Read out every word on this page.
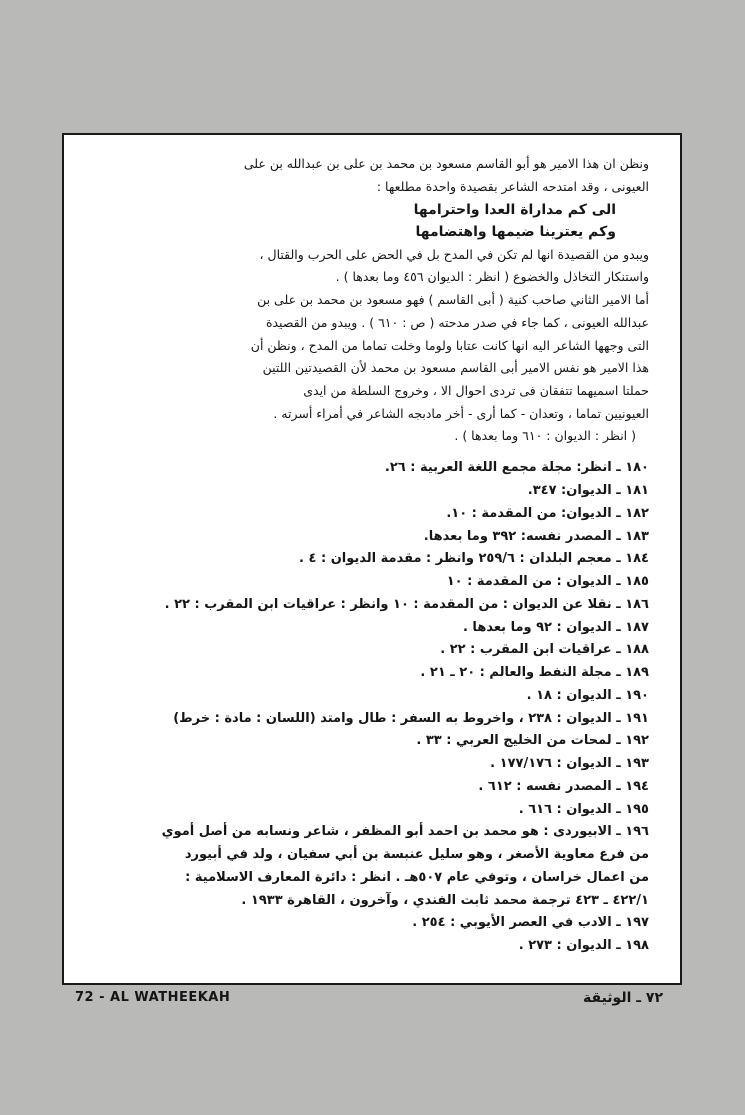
ونظن ان هذا الامير هو أبو القاسم مسعود بن محمد بن على بن عبدالله بن على
العيونى ، وقد امتدحه الشاعر بقصيدة واحدة مطلعها :
الى كم مداراة العدا واحترامها
وكم يعترينا ضيمها واهتضامها
ويبدو من القصيدة انها لم تكن في المدح بل في الحض على الحرب والقتال ،
واستنكار التخاذل والخضوع ( انظر : الديوان ٤٥٦ وما بعدها ) .
أما الامير الثاني صاحب كنية ( أبى القاسم ) فهو مسعود بن محمد بن على بن
عبدالله العيونى ، كما جاء في صدر مدحته ( ص : ٦١٠ ) . ويبدو من القصيدة
التى وجهها الشاعر اليه انها كانت عتابا ولوما وخلت تماما من المدح ، ونظن أن
هذا الامير هو نفس الامير أبى القاسم مسعود بن محمد لأن القصيدتين اللتين
حملتا اسميهما تتفقان فى تردى احوال الا ، وخروج السلطة من ايدى
العيونيين تماما ، وتعدان - كما أرى - أخر مادبجه الشاعر في أمراء أسرته .
( انظر : الديوان : ٦١٠ وما بعدها ) .
١٨٠ ـ انظر: مجلة مجمع اللغة العربية : ٢٦.
١٨١ ـ الديوان: ٣٤٧.
١٨٢ ـ الديوان: من المقدمة : ١٠.
١٨٣ ـ المصدر نفسه: ٣٩٢ وما بعدها.
١٨٤ ـ معجم البلدان : ٢٥٩/٦ وانظر : مقدمة الديوان : ٤ .
١٨٥ ـ الديوان : من المقدمة : ١٠
١٨٦ ـ نقلا عن الديوان : من المقدمة : ١٠ وانظر : عراقيات ابن المقرب : ٢٢ .
١٨٧ ـ الديوان : ٩٢ وما بعدها .
١٨٨ ـ عراقيات ابن المقرب : ٢٢ .
١٨٩ ـ مجلة النفط والعالم : ٢٠ ـ ٢١ .
١٩٠ ـ الديوان : ١٨ .
١٩١ ـ الديوان : ٢٣٨ ، واخروط به السفر : طال وامتد (اللسان : مادة : خرط)
١٩٢ ـ لمحات من الخليج العربي : ٣٣ .
١٩٣ ـ الديوان : ١٧٧/١٧٦ .
١٩٤ ـ المصدر نفسه : ٦١٢ .
١٩٥ ـ الديوان : ٦١٦ .
١٩٦ ـ الابيوردى : هو محمد بن احمد أبو المظفر ، شاعر ونسابه من أصل أموي
من فرع معاوية الأصغر ، وهو سليل عنبسة بن أبي سفيان ، ولد في أبيورد
من اعمال خراسان ، وتوفي عام ٥٠٧هـ . انظر : دائرة المعارف الاسلامية :
٤٢٢/١ ـ ٤٢٣ ترجمة محمد ثابت الفندي ، وآخرون ، القاهرة ١٩٣٣ .
١٩٧ ـ الادب في العصر الأيوبي : ٢٥٤ .
١٩٨ ـ الديوان : ٢٧٣ .
72 - AL WATHEEKAH	٧٢ ـ الوثيقة
